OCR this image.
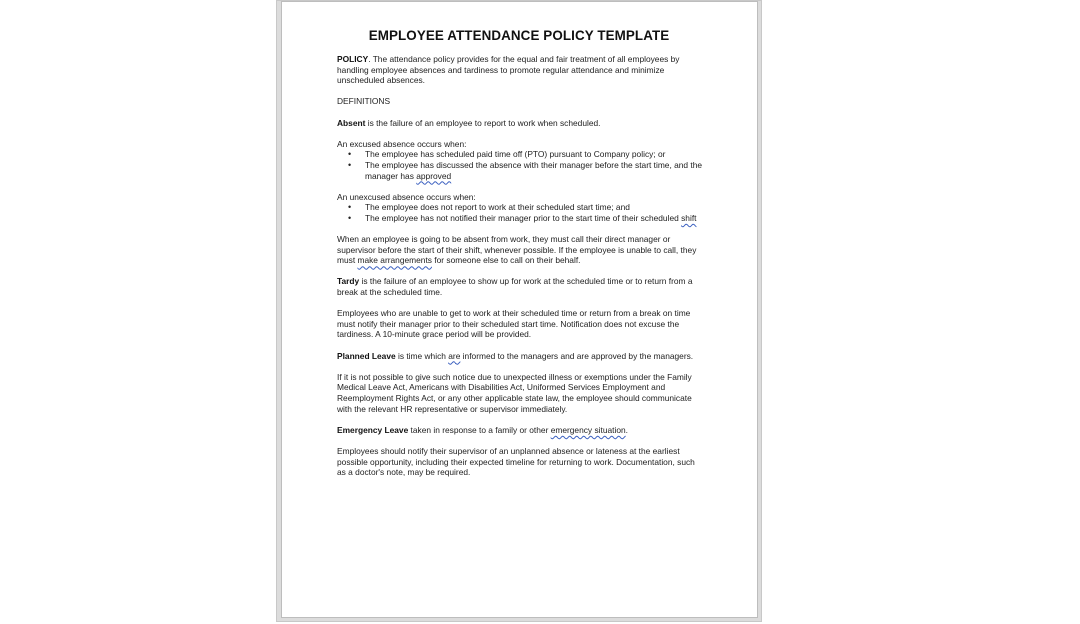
EMPLOYEE ATTENDANCE POLICY TEMPLATE

POLICY. The attendance policy provides for the equal and fair treatment of all employees by handling employee absences and tardiness to promote regular attendance and minimize unscheduled absences.

DEFINITIONS

Absent is the failure of an employee to report to work when scheduled.

An excused absence occurs when:
• The employee has scheduled paid time off (PTO) pursuant to Company policy; or
• The employee has discussed the absence with their manager before the start time, and the manager has approved
An unexcused absence occurs when:
• The employee does not report to work at their scheduled start time; and
• The employee has not notified their manager prior to the start time of their scheduled shift

When an employee is going to be absent from work, they must call their direct manager or supervisor before the start of their shift, whenever possible. If the employee is unable to call, they must make arrangements for someone else to call on their behalf.

Tardy is the failure of an employee to show up for work at the scheduled time or to return from a break at the scheduled time.

Employees who are unable to get to work at their scheduled time or return from a break on time must notify their manager prior to their scheduled start time. Notification does not excuse the tardiness. A 10-minute grace period will be provided.

Planned Leave is time which are informed to the managers and are approved by the managers.

If it is not possible to give such notice due to unexpected illness or exemptions under the Family Medical Leave Act, Americans with Disabilities Act, Uniformed Services Employment and Reemployment Rights Act, or any other applicable state law, the employee should communicate with the relevant HR representative or supervisor immediately.

Emergency Leave taken in response to a family or other emergency situation.

Employees should notify their supervisor of an unplanned absence or lateness at the earliest possible opportunity, including their expected timeline for returning to work. Documentation, such as a doctor's note, may be required.
